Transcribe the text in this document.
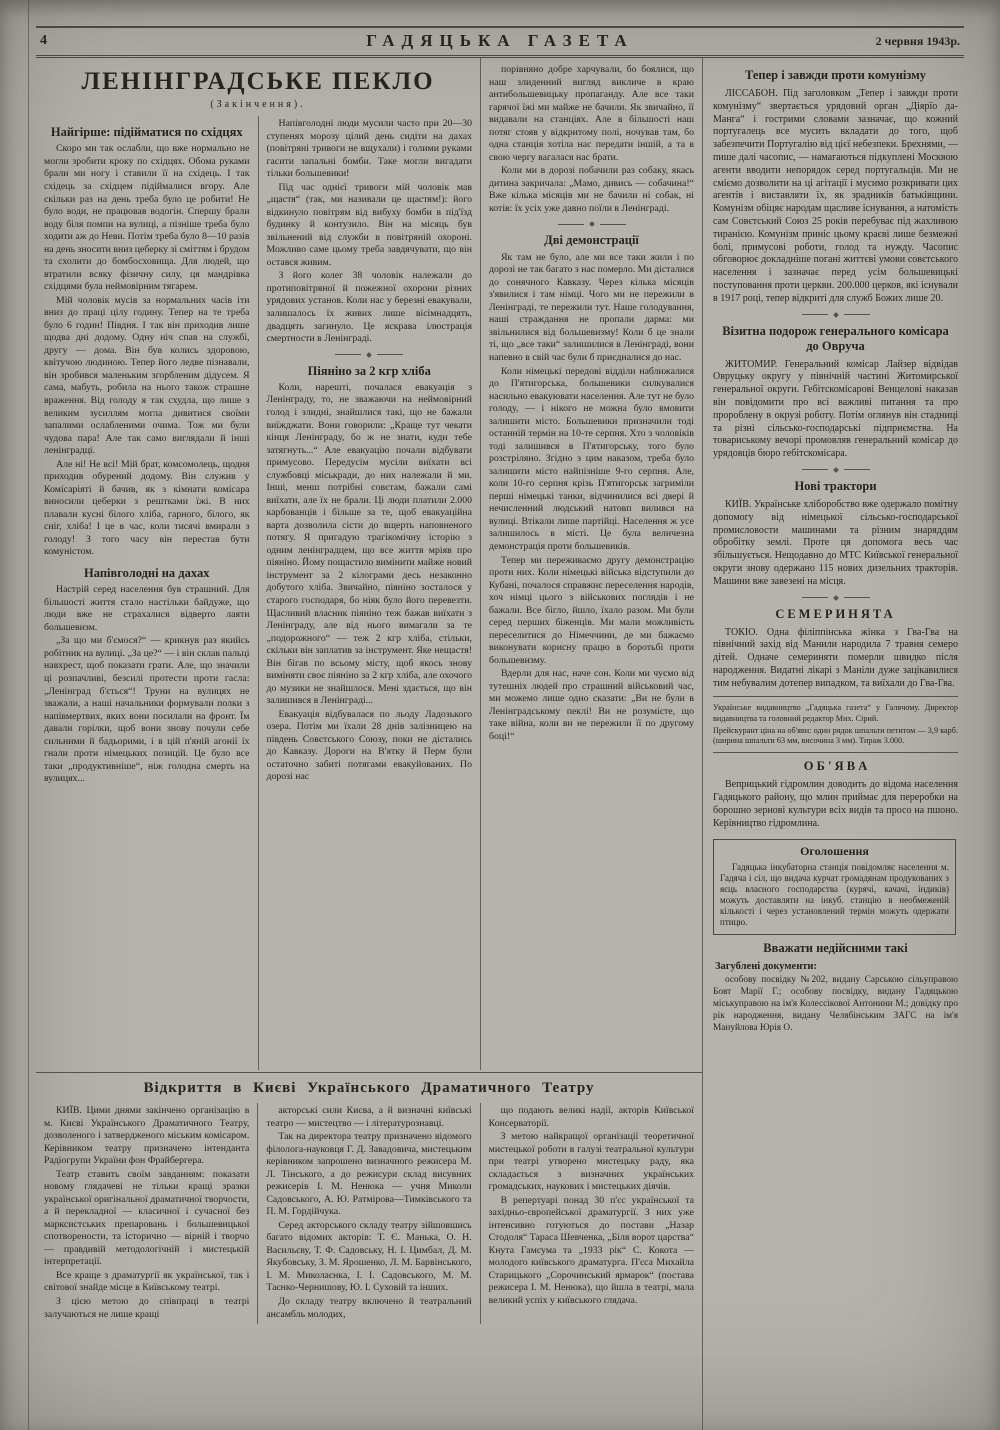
4	ГАДЯЦЬКА ГАЗЕТА	2 червня 1943р.
ЛЕНІНГРАДСЬКЕ ПЕКЛО
(Закінчення).
Найгірше: підійматися по східцях

Скоро ми так ослабли, що вже нормально не могли зробити кроку по східцях. Обома руками брали ми ногу і ставили її на східець. І так східець за східцем підіймалися вгору. Але скільки раз на день треба було це робити! Не було води, не працював водогін. Спершу брали воду біля помпи на вулиці, а пізніше треба було ходити аж до Неви. Потім треба було 8—10 разів на день зносити вниз цеберку зі сміттям і брудом та схолити до бомбосховища. Для людей, що втратили всяку фізичну силу, ця мандрівка східцями була неймовірним тягарем.

Мій чоловік мусів за нормальних часів іти вниз до праці цілу годину. Тепер на те треба було 6 годин! Півдня. І так він приходив лише щодва дні додому. Одну ніч спав на службі, другу — дома. Він був колись здоровою, квітучою людиною. Тепер його ледве пізнавали, він зробився маленьким згорбленим дідусем. Я сама, мабуть, робила на нього також страшне враження. Від голоду я так схудла, що лише з великим зусиллям могла дивитися своїми запалими ослабленими очима. Тож ми були чудова пара! Але так само виглядали й інші ленінградці.

Але ні! Не всі! Мій брат, комсомолець, щодня приходив обурений додому. Він служив у Комісаріяті й бачив, як з кімнати комісара виносили цеберки з рештками їжі. В них плавали кусні білого хліба, гарного, білого, як сніг, хліба! І це в час, коли тисячі вмирали з голоду! З того часу він перестав бути комуністом.

Напівголодні на дахах

Настрій серед населення був страшний. Для більшості життя стало настільки байдуже, що люди вже не страхалися відверто лаяти большевизм.

„За що ми б'ємося?“ — крикнув раз якийсь робітник на вулиці. „За це?“ — і він склав пальці навхрест, щоб показати грати. Але, що значили ці розпачливі, безсилі протести проти гасла: „Ленінград б'ється“! Труни на вулицях не зважали, а наші начальники формували полки з напівмертвих, яких вони посилали на фронт. Їм давали горілки, щоб вони знову почули себе сильними й бадьорими, і в цій п'яній агонії їх гнали проти німецьких позицій. Це було все таки „продуктивніше“, ніж голодна смерть на вулицях...

Напівголодні люди мусили часто при 20—30 ступенях морозу цілий день сидіти на дахах (повітряні тривоги не вщухали) і голими руками гасити запальні бомби. Таке могли вигадати тільки большевики!

Під час однієї тривоги мій чоловік мав „щастя“ (так, ми називали це щастям!): його відкинуло повітрям від вибуху бомби в під'їзд будинку й контузило. Він на місяць був звільнений від служби в повітряній охороні. Можливо саме цьому треба завдячувати, що він остався живим.

З його колег 38 чоловік належали до протиповітряної й пожежної охорони різних урядових установ. Коли нас у березні евакували, залишалось їх живих лише вісімнадцять, двадцять загинуло. Це яскрава ілюстрація смертности в Ленінграді.

Піяніно за 2 кгр хліба

Коли, нарешті, почалася евакуація з Ленінграду, то, не зважаючи на неймовірний голод і злидні, знайшлися такі, що не бажали виїжджати. Вони говорили: „Краще тут чекати кінця Ленінграду, бо ж не знати, куди тебе затягнуть...“ Але евакуацію почали відбувати примусово. Передусім мусіли виїхати всі службовці міськради, до них належали й ми. Інші, менш потрібні совєтам, бажали самі виїхати, але їх не брали. Ці люди платили 2.000 карбованців і більше за те, щоб евакуаційна варта дозволила сісти до вщерть наповненого потягу. Я пригадую трагікомічну історію з одним ленінградцем, що все життя мріяв про піяніно. Йому пощастило вимінити майже новий інструмент за 2 кілограми десь незаконно добутого хліба. Звичайно, піяніно зосталося у старого господаря, бо ніяк було його перевезти. Щасливий власник піяніно теж бажав виїхати з Ленінграду, але від нього вимагали за те „подорожного“ — теж 2 кгр хліба, стільки, скільки він заплатив за інструмент. Яке нещастя! Він бігав по всьому місту, щоб якось знову виміняти своє піяніно за 2 кгр хліба, але охочого до музики не знайшлося. Мені здається, що він залишився в Ленінграді...

Евакуація відбувалася по льоду Ладозького озера. Потім ми їхали 28 днів залізницею на південь Совєтського Союзу, поки не дістались до Кавказу. Дороги на В'ятку й Перм були остаточно забиті потягами евакуйованих. По дорозі нас

порівняно добре харчували, бо боялися, що наш злиденний вигляд викличе в краю антибольшевицьку пропаганду. Але все таки гарячої їжі ми майже не бачили. Як звичайно, її видавали на станціях. Але в більшості наш потяг стояв у відкритому полі, ночував там, бо одна станція хотіла нас передати іншій, а та в свою чергу вагалася нас брати.

Коли ми в дорозі побачили раз собаку, якась дитина закричала: „Мамо, дивись — собачина!“ Вже кілька місяців ми не бачили ні собак, ні котів: їх усіх уже давно поїли в Ленінграді.

Дві демонстрації

Як там не було, але ми все таки жили і по дорозі не так багато з нас померло. Ми дісталися до сонячного Кавказу. Через кілька місяців з'явилися і там німці. Чого ми не пережили в Ленінграді, те пережили тут. Наше голодування, наші страждання не пропали дарма: ми звільнилися від большевизму! Коли б це знали ті, що „все таки“ залишилися в Ленінграді, вони напевно в свій час були б приєдналися до нас.

Коли німецькі передові відділи наближалися до П'ятигорська, большевики силкувалися насильно евакуювати населення. Але тут не було голоду, — і нікого не можна було вмовити залишити місто. Большевики призначили тоді останній термін на 10-те серпня. Хто з чоловіків тоді залишився в П'ятигорську, того було розстріляно. Згідно з цим наказом, треба було залишити місто найпізніше 9-го серпня. Але, коли 10-го серпня крізь П'ятигорськ загриміли перші німецькі танки, відчинилися всі двері й нечисленний людський натовп вилився на вулиці. Втікали лише партійці. Населення ж усе залишилось в місті. Це була величезна демонстрація проти большевиків.

Тепер ми переживаємо другу демонстрацію проти них. Коли німецькі війська відступили до Кубані, почалося справжнє переселення народів, хоч німці цього з військових поглядів і не бажали. Все бігло, йшло, їхало разом. Ми були серед перших біженців. Ми мали можливість переселитися до Німеччини, де ми бажаємо виконувати корисну працю в боротьбі проти большевизму.

Вдерли для нас, наче сон. Коли ми чуємо від тутешніх людей про страшний військовий час, ми можемо лише одно сказати: „Ви не були в Ленінградському пеклі! Ви не розумієте, що таке війна, коли ви не пережили її по другому боці!“

Відкриття в Києві Українського Драматичного Театру

КИЇВ. Цими днями закінчено організацію в м. Києві Українського Драматичного Театру, дозволеного і затвердженого міським комісаром. Керівником театру призначено інтенданта Радіогрупи України фон Фрайбергера.

Театр ставить своїм завданням: показати новому глядачеві не тільки кращі зразки української оригінальної драматичної творчости, а й перекладної — класичної і сучасної без марксистських препаровань і большевицької спотворености, та історично — вірній і творчо — правдивій методологічній і мистецькій інтерпретації.

Все краще з драматургії як української, так і світової знайде місце в Київському театрі.

З цією метою до співпраці в театрі залучаються не лише кращі

акторські сили Києва, а й визначні київські театро — мистецтво — і літературознавці.

Так на директора театру призначено відомого філолога-науковця Г. Д. Завадовича, мистецьким керівником запрошено визначного режисера М. Л. Тінського, а до режисури склад висувних режисерів І. М. Ненюка — учня Миколи Садовського, А. Ю. Ратмірова—Тимківського та П. М. Гордійчука.

Серед акторського складу театру зійшовшись багато відомих акторів: Т. Є. Манька, О. Н. Васильєву, Т. Ф. Садовську, Н. І. Цимбал, Д. М. Якубовську, З. М. Ярошенко, Л. М. Барвінського, І. М. Миколаєнка, І. І. Садовського, М. М. Таєнко-Чернишову, Ю. І. Суховій та інших.

До складу театру включено й театральний ансамбль молодих,

що подають великі надії, акторів Київської Консерваторії.

З метою найкращої організації теоретичної мистецької роботи в галузі театральної культури при театрі утворено мистецьку раду, яка складається з визначних українських громадських, наукових і мистецьких діячів.

В репертуарі понад 30 п'єс української та західньо-європейської драматургії. З них уже інтенсивно готуються до постави „Назар Стодоля“ Тараса Шевченка, „Біля ворот царства“ Кнута Гамсума та „1933 рік“ С. Кокота — молодого київського драматурга. П'єса Михайла Старицького „Сорочинський ярмарок“ (постава режисера І. М. Ненюка), що йшла в театрі, мала великий успіх у київського глядача.

Тепер і завжди проти комунізму

ЛІССАБОН. Під заголовком „Тепер і завжди проти комунізму“ звертається урядовий орган „Діярїо да-Манга“ і гострими словами зазначає, що кожний португалець все мусить вкладати до того, щоб забезпечити Португалію від цієї небезпеки. Брехнями, — пише далі часопис, — намагаються підкуплені Москвою агенти вводити непорядок серед португальців. Ми не сміємо дозволити на ці агітації і мусимо розкривати цих агентів і виставляти їх, як зрадників батьківщини. Комунізм обіцяє народам щасливе існування, а натомість сам Совєтський Союз 25 років перебуває під жахливою тиранією. Комунізм приніс цьому краєві лише безмежні болі, примусові роботи, голод та нужду. Часопис обговорює докладніше погані життєві умови совєтського населення і зазначає перед усім большевицькі поступовання проти церкви. 200.000 церков, які існували в 1917 році, тепер відкриті для служб Божих лише 20.

Візитна подорож генерального комісара до Овруча

ЖИТОМИР. Генеральний комісар Лайзер відвідав Овруцьку округу у північній частині Житомирської генеральної округи. Гебітскомісарові Венцелові наказав він повідомити про всі важливі питання та про пророблену в окрузі роботу. Потім оглянув він стадниці та різні сільсько-господарські підприємства. На товариському вечорі промовляв генеральний комісар до урядовців бюро гебітскомісара.

Нові трактори

КИЇВ. Українське хліборобство вже одержало помітну допомогу від німецької сільсько-господарської промисловости машинами та різним знаряддям обробітку землі. Проте ця допомога весь час збільшується. Нещодавно до МТС Київської генеральної округи знову одержано 115 нових дизельних тракторів. Машини вже завезені на місця.

СЕМЕРИНЯТА

ТОКІО. Одна філіппінська жінка з Гва-Гва на північний захід від Манили народила 7 травня семеро дітей. Одначе семериняти померли швидко після народження. Видатні лікарі з Маніли дуже зацікавилися тим небувалим дотепер випадком, та виїхали до Гва-Гва.

Українське видавництво „Гадяцька газета“ у Галячому. Директор видавництва та головний редактор Мих. Сірий.

Прейскурант ціна на об'яви: один рядок шпальти петитом — 3,9 карб. (ширина шпальти 63 мм, височина 3 мм). Тираж 3.000.

О Б ' Я В А

Веприцький гідромлин доводить до відома населення Гадяцького району, що млин приймає для переробки на борошно зернові культури всіх видів та просо на пшоно. Керівництво гідромлина.

Оголошення

Гадяцька інкубаторна станція повідомляє населення м. Гадяча і сіл, що видача курчат громадянам продукованих з яєць власного господарства (курячі, качачі, індиків) можуть доставляти на інкуб. станцію в необмеженій кількості і через установлений термін можуть одержати птицю.

Вважати недійсними такі
Загублені документи:

особову посвідку №202, видану Сарською сільуправою Бовт Марії Г.; особову посвідку, видану Гадяцькою міськуправою на ім'я Колессікової Антонини М.; довідку про рік народження, видану Челябінським ЗАГС на ім'я Мануйлова Юрія О.
